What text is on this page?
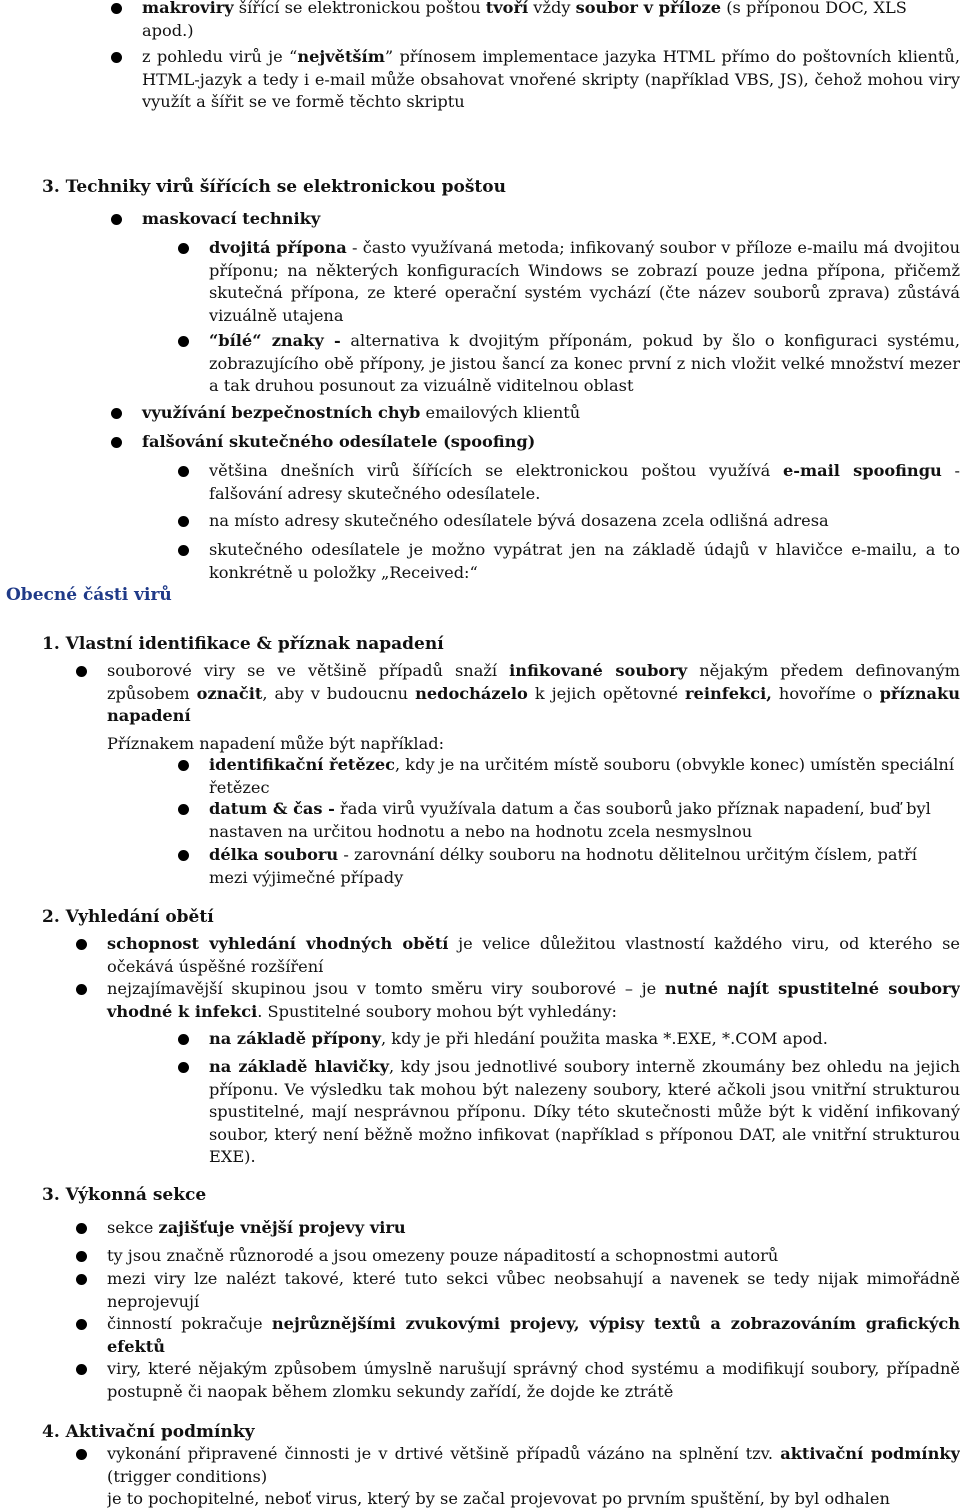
makroviry šířící se elektronickou poštou tvoří vždy soubor v příloze (s příponou DOC, XLS apod.)
z pohledu virů je “největším” přínosem implementace jazyka HTML přímo do poštovních klientů, HTML-jazyk a tedy i e-mail může obsahovat vnořené skripty (například VBS, JS), čehož mohou viry využít a šířit se ve formě těchto skriptu
3. Techniky virů šířících se elektronickou poštou
maskovací techniky
dvojitá přípona - často využívaná metoda; infikovaný soubor v příloze e-mailu má dvojitou příponu; na některých konfiguracích Windows se zobrazí pouze jedna přípona, přičemž skutečná přípona, ze které operační systém vychází (čte název souborů zprava) zůstává vizuálně utajena
“bílé“ znaky - alternativa k dvojitým příponám, pokud by šlo o konfiguraci systému, zobrazujícího obě přípony, je jistou šancí za konec první z nich vložit velké množství mezer a tak druhou posunout za vizuálně viditelnou oblast
využívání bezpečnostních chyb emailových klientů
falšování skutečného odesílatele (spoofing)
většina dnešních virů šířících se elektronickou poštou využívá e-mail spoofingu - falšování adresy skutečného odesílatele.
na místo adresy skutečného odesílatele bývá dosazena zcela odlišná adresa
skutečného odesílatele je možno vypátrat jen na základě údajů v hlavičce e-mailu, a to konkrétně u položky „Received:“
Obecné části virů
1. Vlastní identifikace & příznak napadení
souborové viry se ve většině případů snaží infikované soubory nějakým předem definovaným způsobem označit, aby v budoucnu nedocházelo k jejich opětovné reinfekci, hovoříme o příznaku napadení
Příznakem napadení může být například:
identifikační řetězec, kdy je na určitém místě souboru (obvykle konec) umístěn speciální řetězec
datum & čas - řada virů využívala datum a čas souborů jako příznak napadení, buď byl nastaven na určitou hodnotu a nebo na hodnotu zcela nesmyslnou
délka souboru - zarovnání délky souboru na hodnotu dělitelnou určitým číslem, patří mezi výjimečné případy
2. Vyhledání obětí
schopnost vyhledání vhodných obětí je velice důležitou vlastností každého viru, od kterého se očekává úspěšné rozšíření
nejzajímavější skupinou jsou v tomto směru viry souborové – je nutné najít spustitelné soubory vhodné k infekci. Spustitelné soubory mohou být vyhledány:
na základě přípony, kdy je při hledání použita maska *.EXE, *.COM apod.
na základě hlavičky, kdy jsou jednotlivé soubory interně zkoumány bez ohledu na jejich příponu. Ve výsledku tak mohou být nalezeny soubory, které ačkoli jsou vnitřní strukturou spustitelné, mají nesprávnou příponu. Díky této skutečnosti může být k vidění infikovaný soubor, který není běžně možno infikovat (například s příponou DAT, ale vnitřní strukturou EXE).
3. Výkonná sekce
sekce zajišťuje vnější projevy viru
ty jsou značně různorodé a jsou omezeny pouze nápaditostí a schopnostmi autorů
mezi viry lze nalézt takové, které tuto sekci vůbec neobsahují a navenek se tedy nijak mimořádně neprojevují
činností pokračuje nejrůznějšími zvukovými projevy, výpisy textů a zobrazováním grafických efektů
viry, které nějakým způsobem úmyslně narušují správný chod systému a modifikují soubory, případně postupně či naopak během zlomku sekundy zařídí, že dojde ke ztrátě
4. Aktivační podmínky
vykonání připravené činnosti je v drtivé většině případů vázáno na splnění tzv. aktivační podmínky (trigger conditions)
je to pochopitelné, neboť virus, který by se začal projevovat po prvním spuštění, by byl odhalen
